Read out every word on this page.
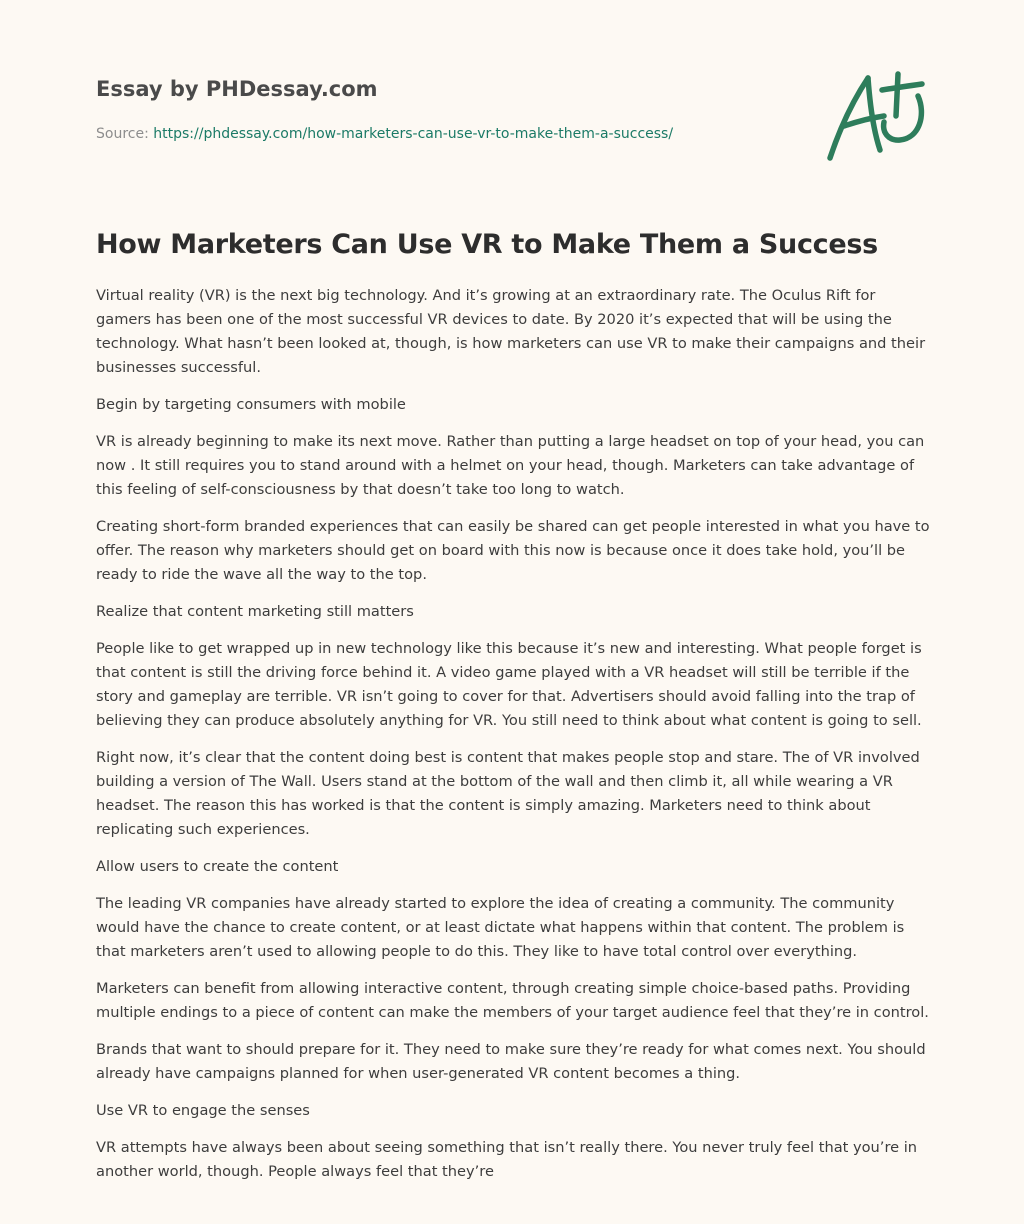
Essay by PHDessay.com
Source: https://phdessay.com/how-marketers-can-use-vr-to-make-them-a-success/
How Marketers Can Use VR to Make Them a Success

Virtual reality (VR) is the next big technology. And it’s growing at an extraordinary rate. The Oculus Rift for gamers has been one of the most successful VR devices to date. By 2020 it’s expected that will be using the technology. What hasn’t been looked at, though, is how marketers can use VR to make their campaigns and their businesses successful.

Begin by targeting consumers with mobile

VR is already beginning to make its next move. Rather than putting a large headset on top of your head, you can now . It still requires you to stand around with a helmet on your head, though. Marketers can take advantage of this feeling of self-consciousness by that doesn’t take too long to watch.

Creating short-form branded experiences that can easily be shared can get people interested in what you have to offer. The reason why marketers should get on board with this now is because once it does take hold, you’ll be ready to ride the wave all the way to the top.

Realize that content marketing still matters

People like to get wrapped up in new technology like this because it’s new and interesting. What people forget is that content is still the driving force behind it. A video game played with a VR headset will still be terrible if the story and gameplay are terrible. VR isn’t going to cover for that. Advertisers should avoid falling into the trap of believing they can produce absolutely anything for VR. You still need to think about what content is going to sell.

Right now, it’s clear that the content doing best is content that makes people stop and stare. The of VR involved building a version of The Wall. Users stand at the bottom of the wall and then climb it, all while wearing a VR headset. The reason this has worked is that the content is simply amazing. Marketers need to think about replicating such experiences.

Allow users to create the content

The leading VR companies have already started to explore the idea of creating a community. The community would have the chance to create content, or at least dictate what happens within that content. The problem is that marketers aren’t used to allowing people to do this. They like to have total control over everything.

Marketers can benefit from allowing interactive content, through creating simple choice-based paths. Providing multiple endings to a piece of content can make the members of your target audience feel that they’re in control.

Brands that want to should prepare for it. They need to make sure they’re ready for what comes next. You should already have campaigns planned for when user-generated VR content becomes a thing.

Use VR to engage the senses

VR attempts have always been about seeing something that isn’t really there. You never truly feel that you’re in another world, though. People always feel that they’re
